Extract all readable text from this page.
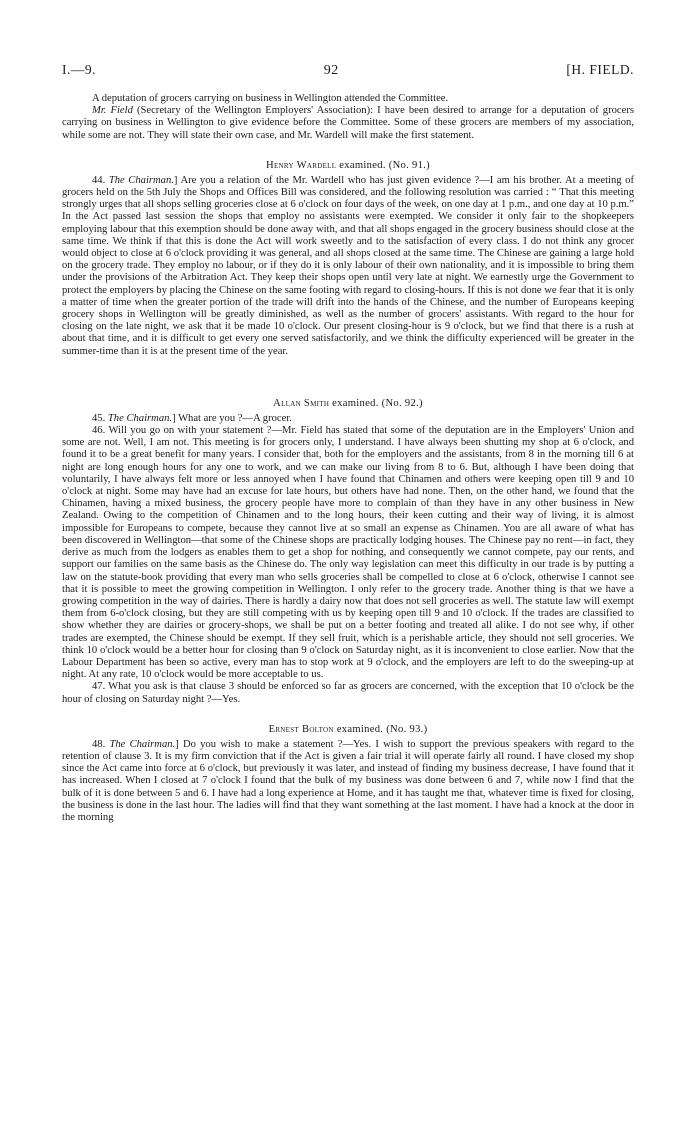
I.—9.	92	[H. FIELD.

A deputation of grocers carrying on business in Wellington attended the Committee.

Mr. Field (Secretary of the Wellington Employers' Association): I have been desired to arrange for a deputation of grocers carrying on business in Wellington to give evidence before the Committee. Some of these grocers are members of my association, while some are not. They will state their own case, and Mr. Wardell will make the first statement.

Henry Wardell examined. (No. 91.)

44. The Chairman.] Are you a relation of the Mr. Wardell who has just given evidence ?—I am his brother. At a meeting of grocers held on the 5th July the Shops and Offices Bill was considered, and the following resolution was carried : “ That this meeting strongly urges that all shops selling groceries close at 6 o'clock on four days of the week, on one day at 1 p.m., and one day at 10 p.m.” In the Act passed last session the shops that employ no assistants were exempted. We consider it only fair to the shopkeepers employing labour that this exemption should be done away with, and that all shops engaged in the grocery business should close at the same time. We think if that this is done the Act will work sweetly and to the satisfaction of every class. I do not think any grocer would object to close at 6 o'clock providing it was general, and all shops closed at the same time. The Chinese are gaining a large hold on the grocery trade. They employ no labour, or if they do it is only labour of their own nationality, and it is impossible to bring them under the provisions of the Arbitration Act. They keep their shops open until very late at night. We earnestly urge the Government to protect the employers by placing the Chinese on the same footing with regard to closing-hours. If this is not done we fear that it is only a matter of time when the greater portion of the trade will drift into the hands of the Chinese, and the number of Europeans keeping grocery shops in Wellington will be greatly diminished, as well as the number of grocers' assistants. With regard to the hour for closing on the late night, we ask that it be made 10 o'clock. Our present closing-hour is 9 o'clock, but we find that there is a rush at about that time, and it is difficult to get every one served satisfactorily, and we think the difficulty experienced will be greater in the summer-time than it is at the present time of the year.

Allan Smith examined. (No. 92.)

45. The Chairman.] What are you ?—A grocer.

46. Will you go on with your statement ?—Mr. Field has stated that some of the deputation are in the Employers' Union and some are not. Well, I am not. This meeting is for grocers only, I understand. I have always been shutting my shop at 6 o'clock, and found it to be a great benefit for many years. I consider that, both for the employers and the assistants, from 8 in the morning till 6 at night are long enough hours for any one to work, and we can make our living from 8 to 6. But, although I have been doing that voluntarily, I have always felt more or less annoyed when I have found that Chinamen and others were keeping open till 9 and 10 o'clock at night. Some may have had an excuse for late hours, but others have had none. Then, on the other hand, we found that the Chinamen, having a mixed business, the grocery people have more to complain of than they have in any other business in New Zealand. Owing to the competition of Chinamen and to the long hours, their keen cutting and their way of living, it is almost impossible for Europeans to compete, because they cannot live at so small an expense as Chinamen. You are all aware of what has been discovered in Wellington—that some of the Chinese shops are practically lodging houses. The Chinese pay no rent—in fact, they derive as much from the lodgers as enables them to get a shop for nothing, and consequently we cannot compete, pay our rents, and support our families on the same basis as the Chinese do. The only way legislation can meet this difficulty in our trade is by putting a law on the statute-book providing that every man who sells groceries shall be compelled to close at 6 o'clock, otherwise I cannot see that it is possible to meet the growing competition in Wellington. I only refer to the grocery trade. Another thing is that we have a growing competition in the way of dairies. There is hardly a dairy now that does not sell groceries as well. The statute law will exempt them from 6-o'clock closing, but they are still competing with us by keeping open till 9 and 10 o'clock. If the trades are classified to show whether they are dairies or grocery-shops, we shall be put on a better footing and treated all alike. I do not see why, if other trades are exempted, the Chinese should be exempt. If they sell fruit, which is a perishable article, they should not sell groceries. We think 10 o'clock would be a better hour for closing than 9 o'clock on Saturday night, as it is inconvenient to close earlier. Now that the Labour Department has been so active, every man has to stop work at 9 o'clock, and the employers are left to do the sweeping-up at night. At any rate, 10 o'clock would be more acceptable to us.

47. What you ask is that clause 3 should be enforced so far as grocers are concerned, with the exception that 10 o'clock be the hour of closing on Saturday night ?—Yes.

Ernest Bolton examined. (No. 93.)

48. The Chairman.] Do you wish to make a statement ?—Yes. I wish to support the previous speakers with regard to the retention of clause 3. It is my firm conviction that if the Act is given a fair trial it will operate fairly all round. I have closed my shop since the Act came into force at 6 o'clock, but previously it was later, and instead of finding my business decrease, I have found that it has increased. When I closed at 7 o'clock I found that the bulk of my business was done between 6 and 7, while now I find that the bulk of it is done between 5 and 6. I have had a long experience at Home, and it has taught me that, whatever time is fixed for closing, the business is done in the last hour. The ladies will find that they want something at the last moment. I have had a knock at the door in the morning
